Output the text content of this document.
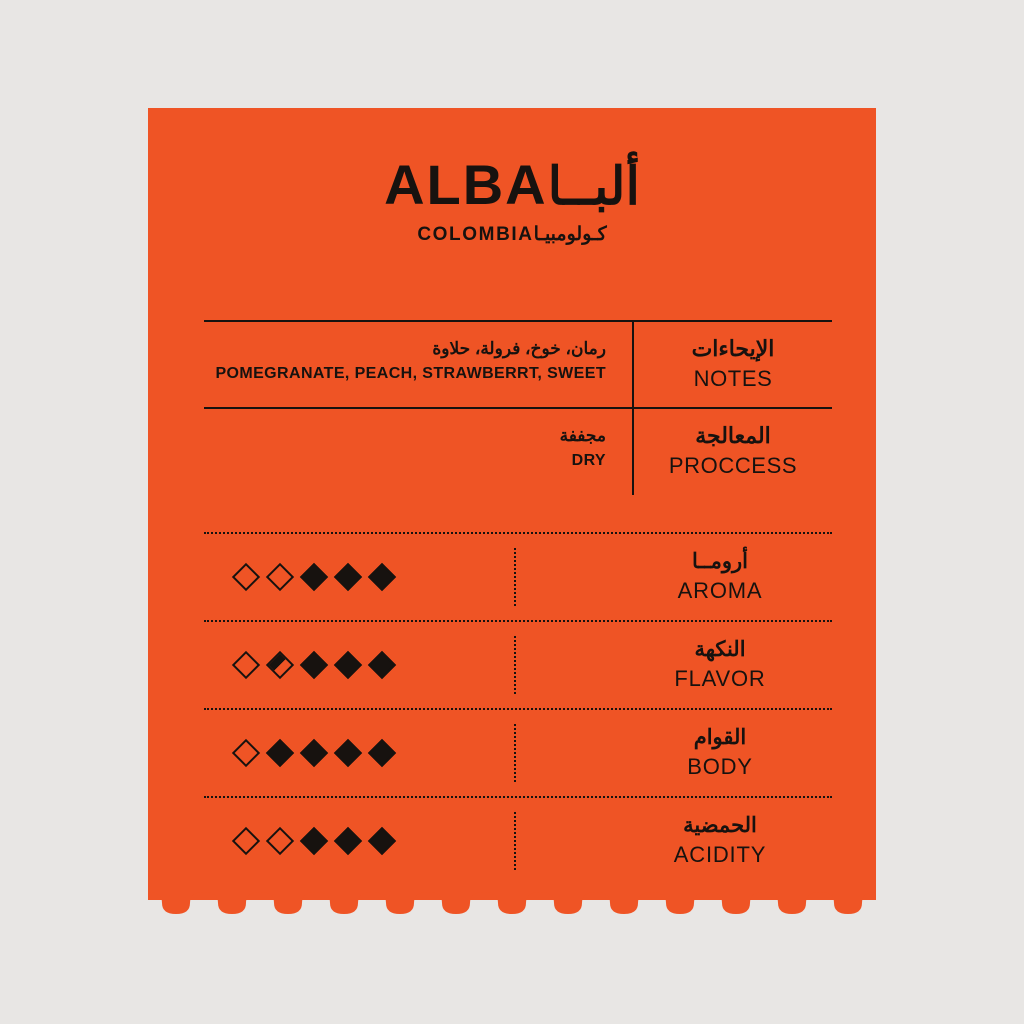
ALBAألبــا
COLOMBIAكـولومبيـا
رمان، خوخ، فرولة، حلاوة
POMEGRANATE, PEACH, STRAWBERRT, SWEET
الإيحاءات
NOTES
مجففة
DRY
المعالجة
PROCCESS
أرومــا
AROMA
النكهة
FLAVOR
القوام
BODY
الحمضية
ACIDITY
